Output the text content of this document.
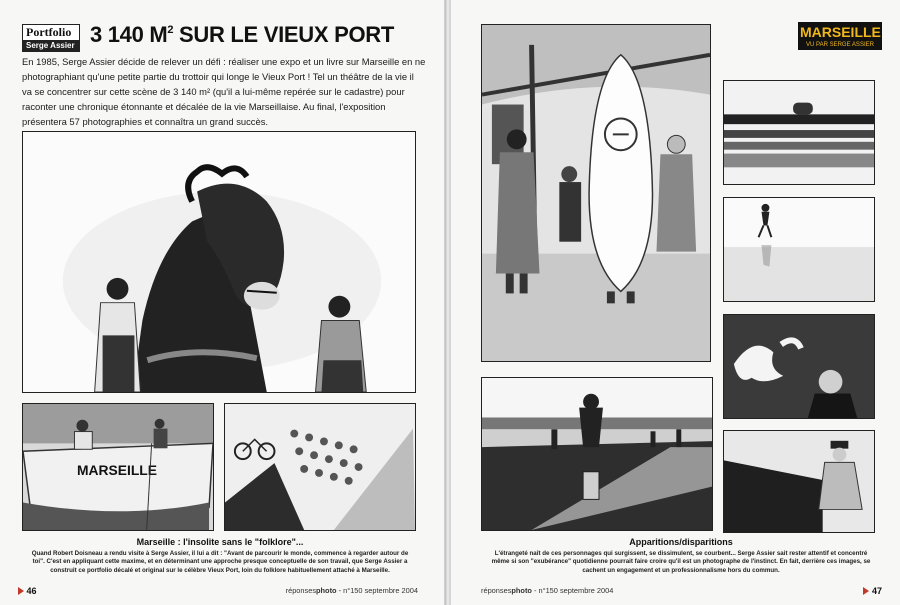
Portfolio
Serge Assier 3 140 $M^2$ SUR LE VIEUX PORT

En 1985, Serge Assier décide de relever un défi : réaliser une expo et un livre sur Marseille en ne photographiant qu'une petite partie du trottoir qui longe le Vieux Port ! Tel un théâtre de la vie il va se concentrer sur cette scène de 3 140 m² (qu'il a lui-même repérée sur le cadastre) pour raconter une chronique étonnante et décalée de la vie Marseillaise. Au final, l'exposition présentera 57 photographies et connaîtra un grand succès.

MARSEILLE
Marseille : l'insolite sans le "folklore"...
Quand Robert Doisneau a rendu visite à Serge Assier, il lui a dit : "Avant de parcourir le monde, commence à regarder autour de toi". C'est en appliquant cette maxime, et en déterminant une approche presque conceptuelle de son travail, que Serge Assier a construit ce portfolio décalé et original sur le célèbre Vieux Port, loin du folklore habituellement attaché à Marseille.
46	réponsesphoto - n°150 septembre 2004
MARSEILLE
VU PAR SERGE ASSIER
Apparitions/disparitions
L'étrangeté naît de ces personnages qui surgissent, se dissimulent, se courbent... Serge Assier sait rester attentif et concentré même si son "exubérance" quotidienne pourrait faire croire qu'il est un photographe de l'instinct. En fait, derrière ces images, se cachent un engagement et un professionnalisme hors du commun.
réponsesphoto - n°150 septembre 2004	47
